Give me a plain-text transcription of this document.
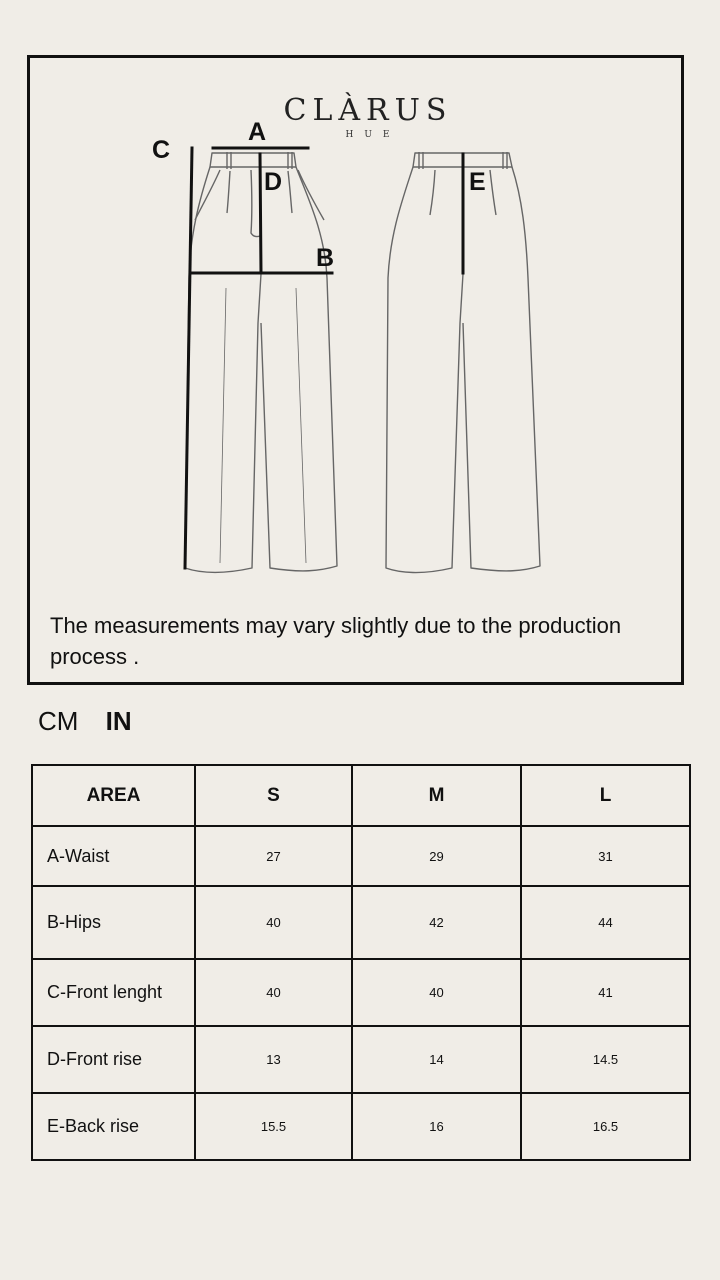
CLÀRUS
HUE
A
C
D
B
E
The measurements may vary slightly due to the production process .
CM IN
AREA	S	M	L
A-Waist	27	29	31
B-Hips	40	42	44
C-Front lenght	40	40	41
D-Front rise	13	14	14.5
E-Back rise	15.5	16	16.5
